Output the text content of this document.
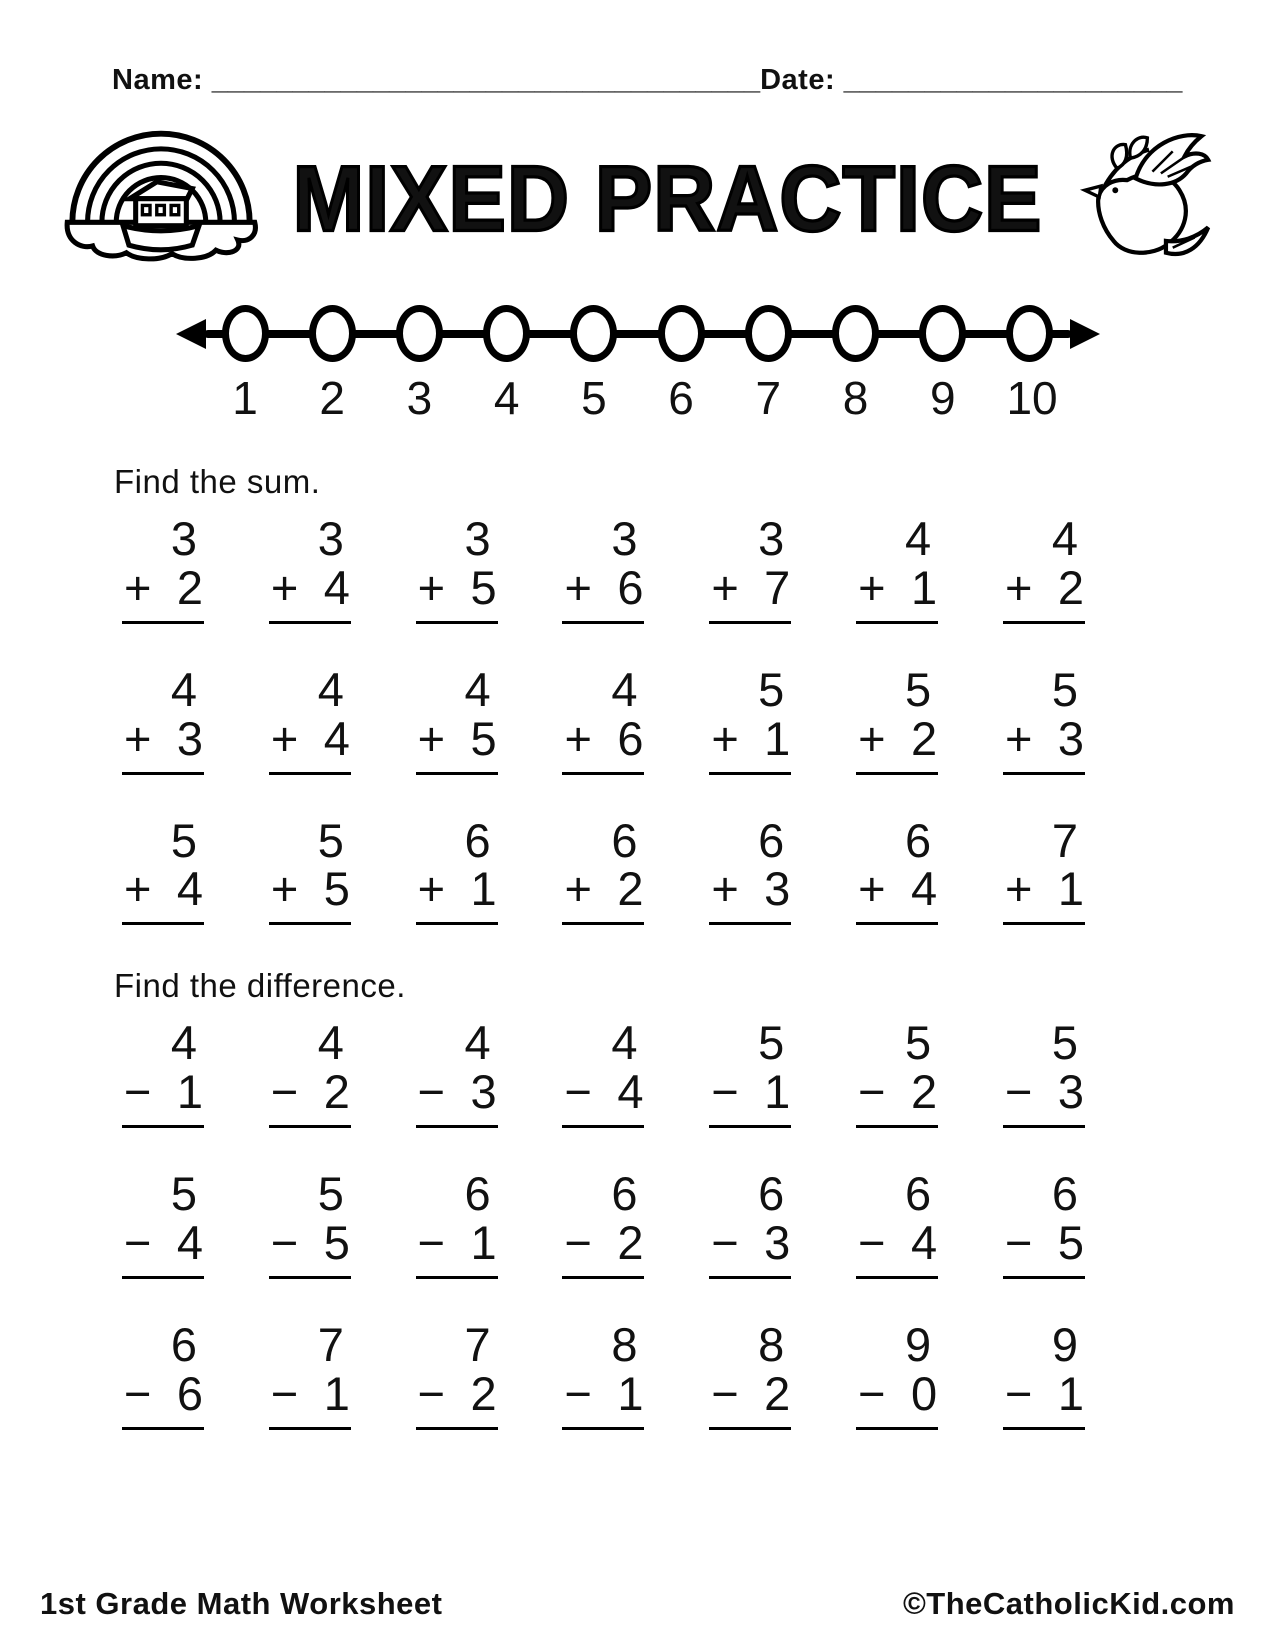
Name: __________________________________ Date: _____________________
MIXED PRACTICE
1 2 3 4 5 6 7 8 9 10
Find the sum.
3
+ 2
3
+ 4
3
+ 5
3
+ 6
3
+ 7
4
+ 1
4
+ 2
4
+ 3
4
+ 4
4
+ 5
4
+ 6
5
+ 1
5
+ 2
5
+ 3
5
+ 4
5
+ 5
6
+ 1
6
+ 2
6
+ 3
6
+ 4
7
+ 1
Find the difference.
4
− 1
4
− 2
4
− 3
4
− 4
5
− 1
5
− 2
5
− 3
5
− 4
5
− 5
6
− 1
6
− 2
6
− 3
6
− 4
6
− 5
6
− 6
7
− 1
7
− 2
8
− 1
8
− 2
9
− 0
9
− 1
1st Grade Math Worksheet	©TheCatholicKid.com
